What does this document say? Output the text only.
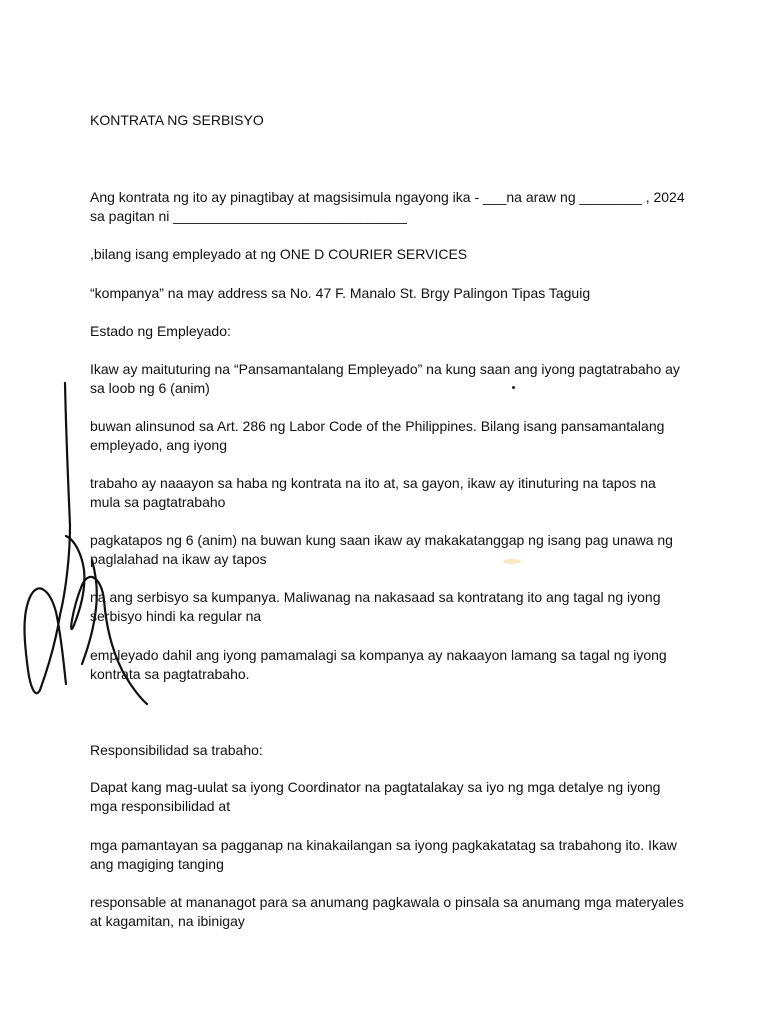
KONTRATA NG SERBISYO

Ang kontrata ng ito ay pinagtibay at magsisimula ngayong ika - ___na araw ng ________ , 2024 sa pagitan ni ______________________________

,bilang isang empleyado at ng ONE D COURIER SERVICES

“kompanya” na may address sa No. 47 F. Manalo St. Brgy Palingon Tipas Taguig

Estado ng Empleyado:

Ikaw ay maituturing na “Pansamantalang Empleyado” na kung saan ang iyong pagtatrabaho ay sa loob ng 6 (anim)

buwan alinsunod sa Art. 286 ng Labor Code of the Philippines. Bilang isang pansamantalang empleyado, ang iyong

trabaho ay naaayon sa haba ng kontrata na ito at, sa gayon, ikaw ay itinuturing na tapos na mula sa pagtatrabaho

pagkatapos ng 6 (anim) na buwan kung saan ikaw ay makakatanggap ng isang pag unawa ng paglalahad na ikaw ay tapos

na ang serbisyo sa kumpanya. Maliwanag na nakasaad sa kontratang ito ang tagal ng iyong serbisyo hindi ka regular na

empleyado dahil ang iyong pamamalagi sa kompanya ay nakaayon lamang sa tagal ng iyong kontrata sa pagtatrabaho.

Responsibilidad sa trabaho:

Dapat kang mag-uulat sa iyong Coordinator na pagtatalakay sa iyo ng mga detalye ng iyong mga responsibilidad at

mga pamantayan sa pagganap na kinakailangan sa iyong pagkakatatag sa trabahong ito. Ikaw ang magiging tanging

responsable at mananagot para sa anumang pagkawala o pinsala sa anumang mga materyales at kagamitan, na ibinigay
